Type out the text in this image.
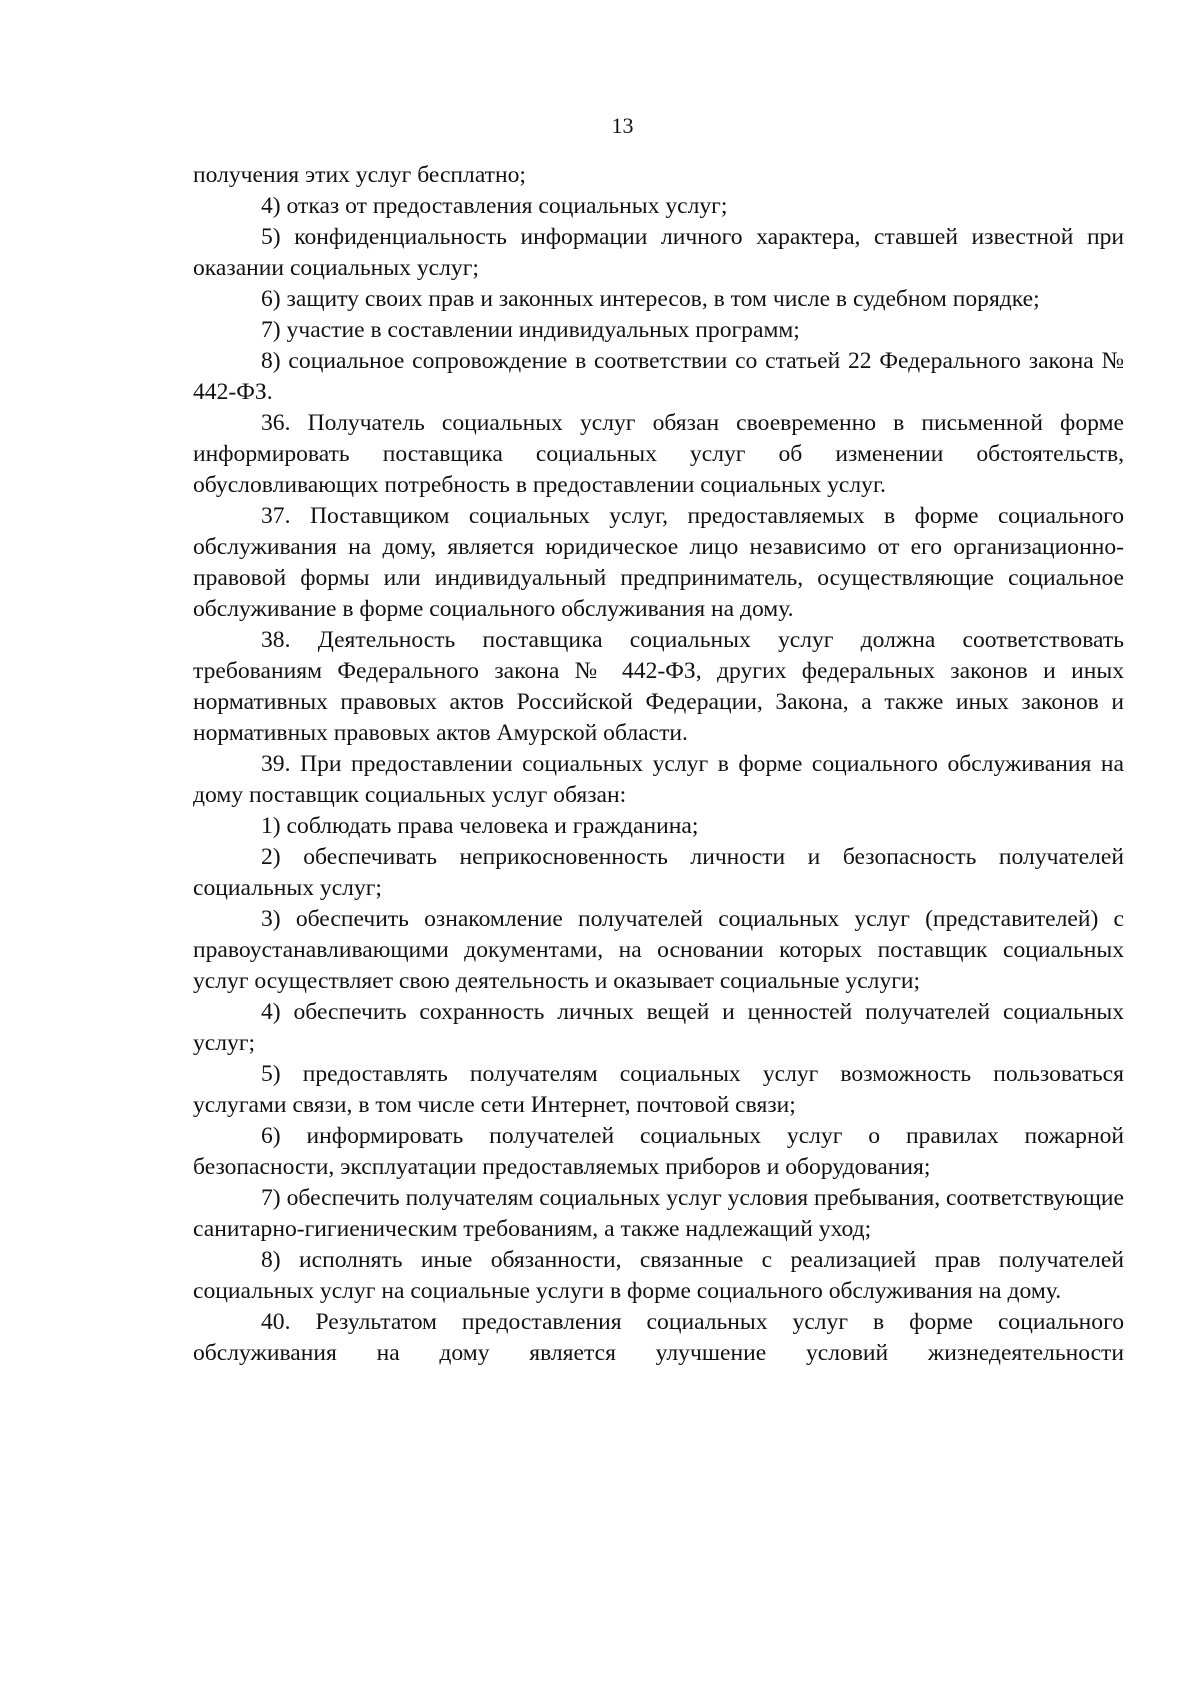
13

получения этих услуг бесплатно;

4) отказ от предоставления социальных услуг;

5) конфиденциальность информации личного характера, ставшей известной при оказании социальных услуг;

6) защиту своих прав и законных интересов, в том числе в судебном порядке;

7) участие в составлении индивидуальных программ;

8) социальное сопровождение в соответствии со статьей 22 Федерального закона № 442-ФЗ.

36. Получатель социальных услуг обязан своевременно в письменной форме информировать поставщика социальных услуг об изменении обстоятельств, обусловливающих потребность в предоставлении социальных услуг.

37. Поставщиком социальных услуг, предоставляемых в форме социального обслуживания на дому, является юридическое лицо независимо от его организационно-правовой формы или индивидуальный предприниматель, осуществляющие социальное обслуживание в форме социального обслуживания на дому.

38. Деятельность поставщика социальных услуг должна соответствовать требованиям Федерального закона № 442-ФЗ, других федеральных законов и иных нормативных правовых актов Российской Федерации, Закона, а также иных законов и нормативных правовых актов Амурской области.

39. При предоставлении социальных услуг в форме социального обслуживания на дому поставщик социальных услуг обязан:

1) соблюдать права человека и гражданина;

2) обеспечивать неприкосновенность личности и безопасность получателей социальных услуг;

3) обеспечить ознакомление получателей социальных услуг (представителей) с правоустанавливающими документами, на основании которых поставщик социальных услуг осуществляет свою деятельность и оказывает социальные услуги;

4) обеспечить сохранность личных вещей и ценностей получателей социальных услуг;

5) предоставлять получателям социальных услуг возможность пользоваться услугами связи, в том числе сети Интернет, почтовой связи;

6) информировать получателей социальных услуг о правилах пожарной безопасности, эксплуатации предоставляемых приборов и оборудования;

7) обеспечить получателям социальных услуг условия пребывания, соответствующие санитарно-гигиеническим требованиям, а также надлежащий уход;

8) исполнять иные обязанности, связанные с реализацией прав получателей социальных услуг на социальные услуги в форме социального обслуживания на дому.

40. Результатом предоставления социальных услуг в форме социального обслуживания на дому является улучшение условий жизнедеятельности
